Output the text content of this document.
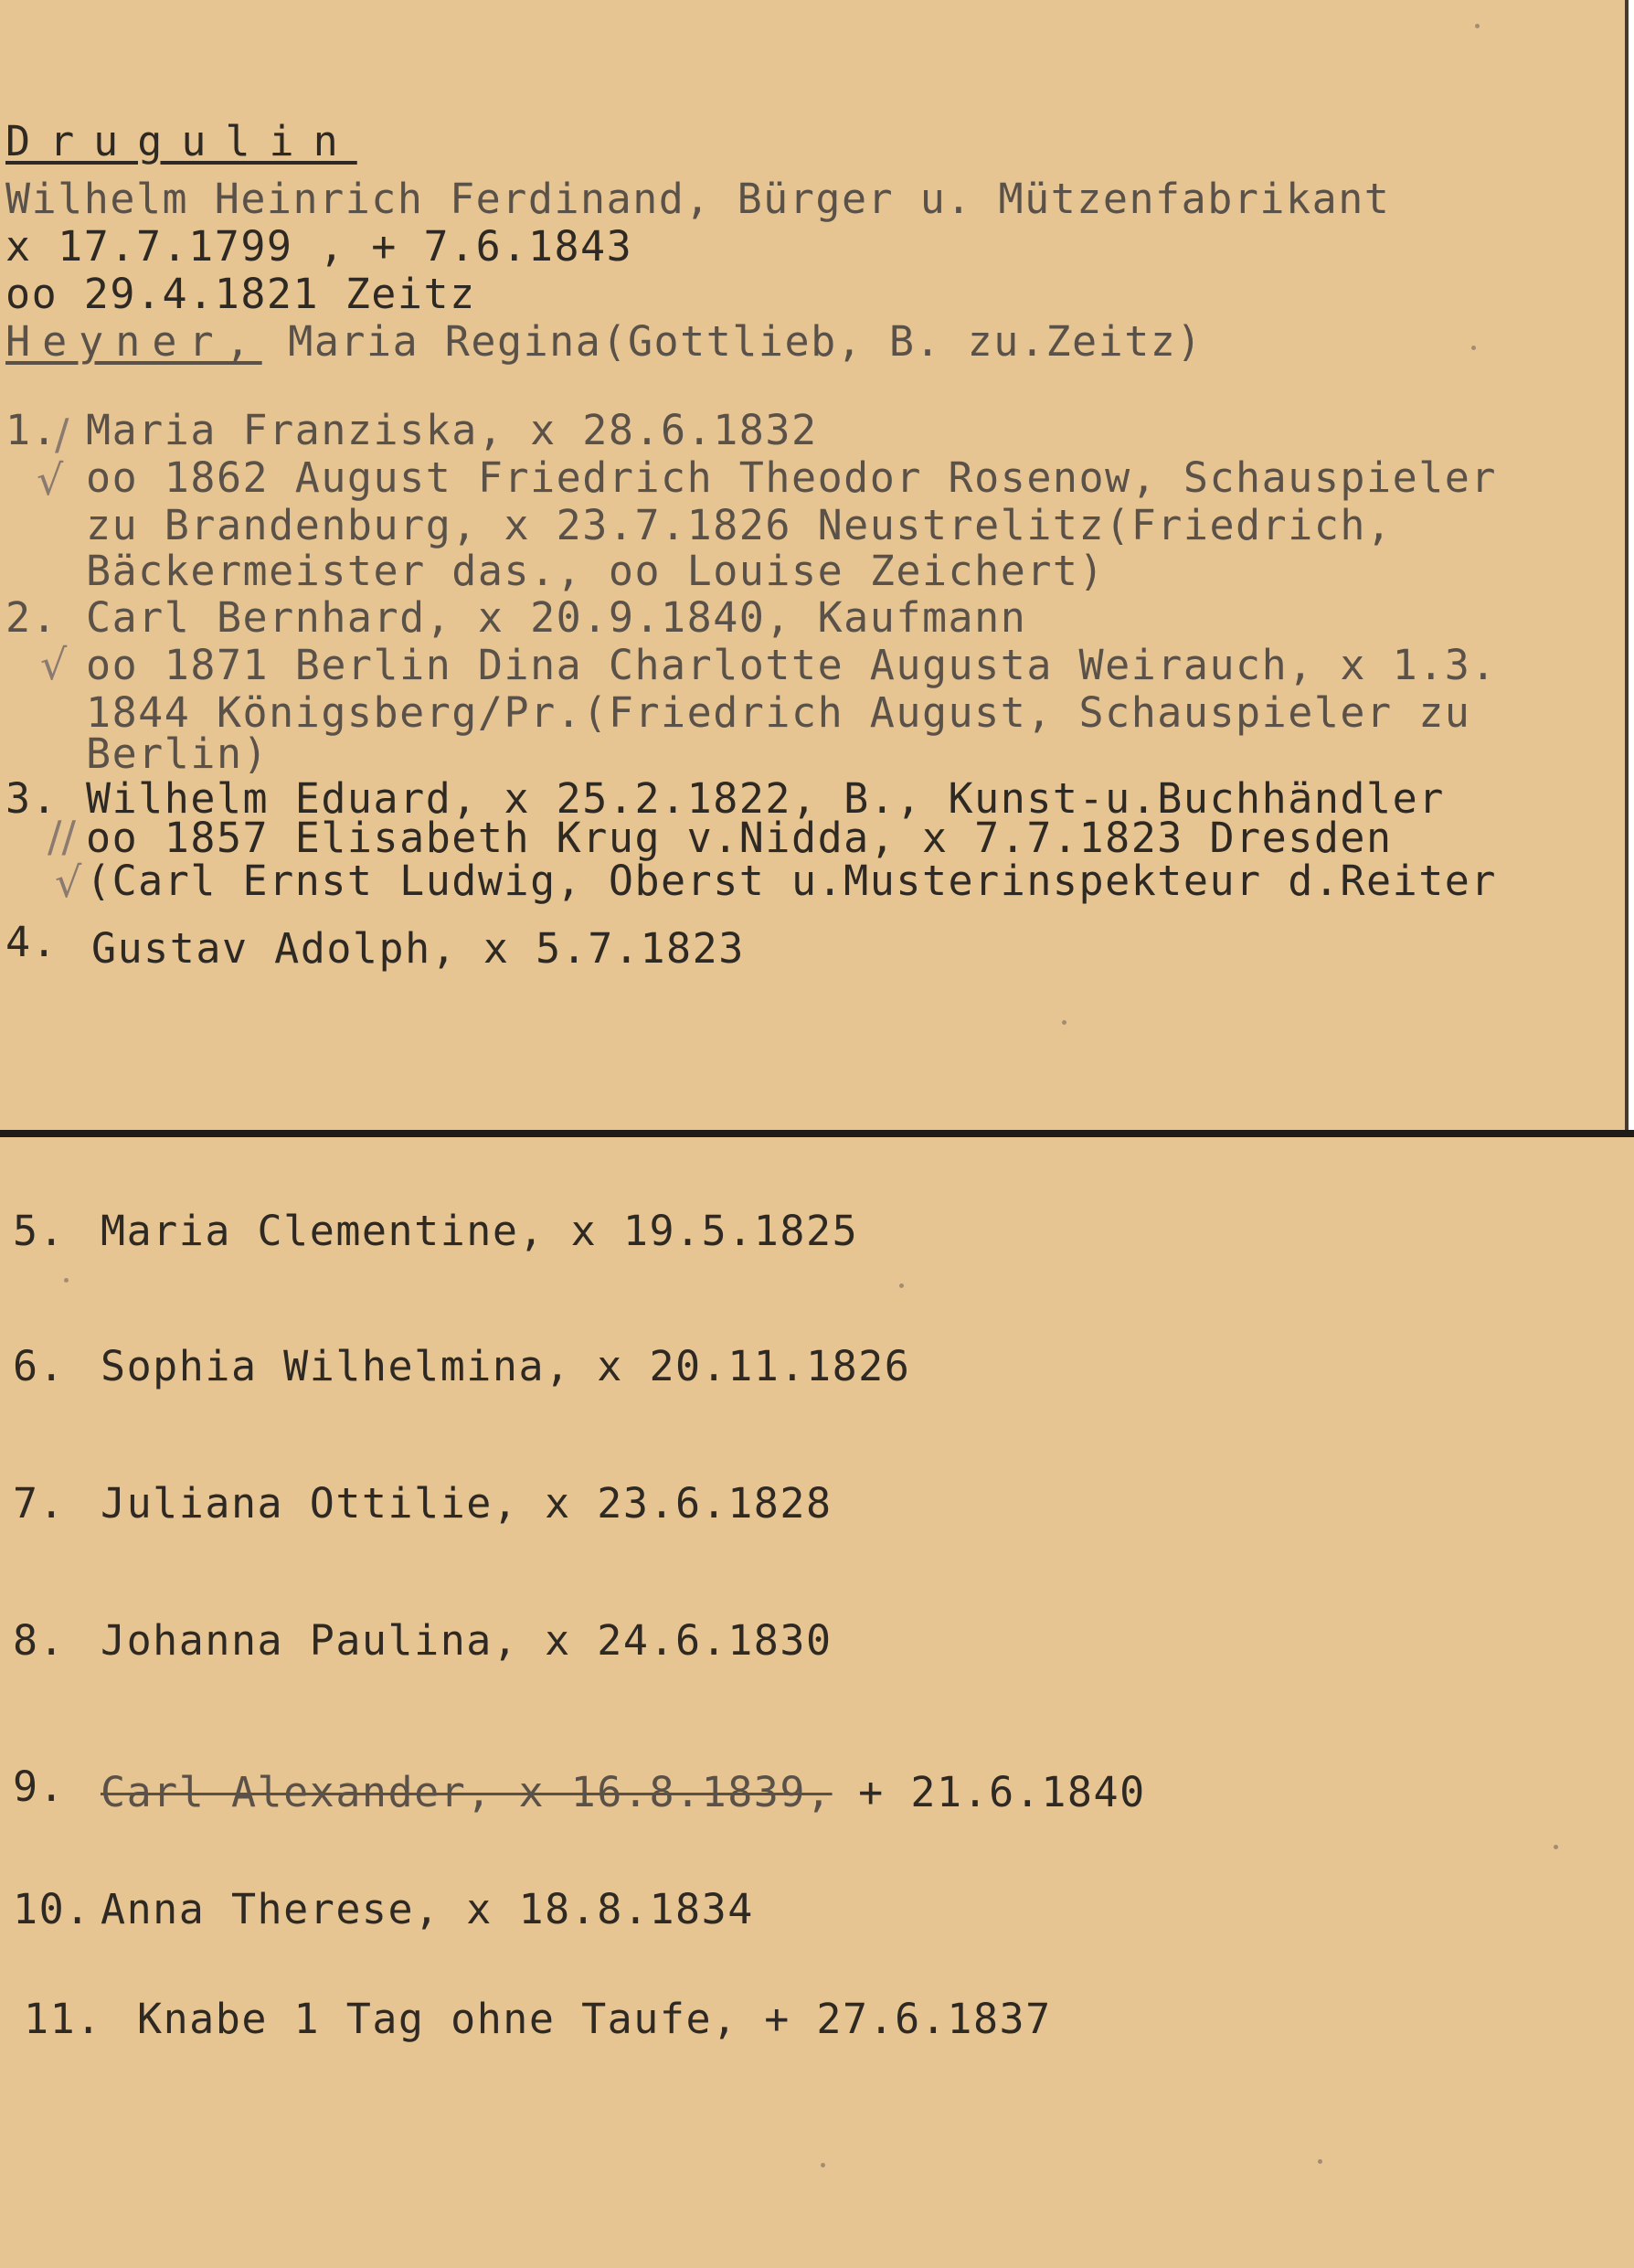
Drugulin
Wilhelm Heinrich Ferdinand, Bürger u. Mützenfabrikant
x 17.7.1799 , + 7.6.1843
oo 29.4.1821 Zeitz
Heyner, Maria Regina(Gottlieb, B. zu.Zeitz)
1. Maria Franziska, x 28.6.1832
oo 1862 August Friedrich Theodor Rosenow, Schauspieler
zu Brandenburg, x 23.7.1826 Neustrelitz(Friedrich,
Bäckermeister das., oo Louise Zeichert)
2. Carl Bernhard, x 20.9.1840, Kaufmann
oo 1871 Berlin Dina Charlotte Augusta Weirauch, x 1.3.
1844 Königsberg/Pr.(Friedrich August, Schauspieler zu
Berlin)
3. Wilhelm Eduard, x 25.2.1822, B., Kunst-u.Buchhändler
oo 1857 Elisabeth Krug v.Nidda, x 7.7.1823 Dresden
(Carl Ernst Ludwig, Oberst u.Musterinspekteur d.Reiter
4. Gustav Adolph, x 5.7.1823
√
/
√
//
√
5. Maria Clementine, x 19.5.1825
6. Sophia Wilhelmina, x 20.11.1826
7. Juliana Ottilie, x 23.6.1828
8. Johanna Paulina, x 24.6.1830
9. Carl Alexander, x 16.8.1839, + 21.6.1840
10. Anna Therese, x 18.8.1834
11. Knabe 1 Tag ohne Taufe, + 27.6.1837
